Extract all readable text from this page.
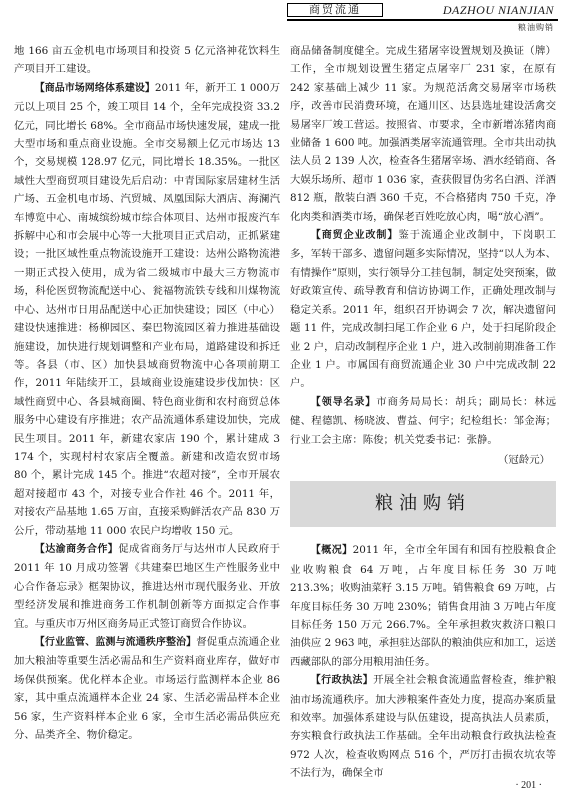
商贸流通	DAZHOU NIANJIAN
粮油购销

地 166 亩五金机电市场项目和投资 5 亿元洛神花饮料生产项目开工建设。

【商品市场网络体系建设】2011 年，新开工 1 000万元以上项目 25 个，竣工项目 14 个，全年完成投资 33.2 亿元，同比增长 68%。全市商品市场快速发展，建成一批大型市场和重点商业设施。全市交易额上亿元市场达 13 个，交易规模 128.97 亿元，同比增长 18.35%。一批区域性大型商贸项目建设先后启动：中青国际家居建材生活广场、五金机电市场、汽贸城、凤凰国际大酒店、海澜汽车博览中心、南城缤纷城市综合体项目、达州市报废汽车拆解中心和市会展中心等一大批项目正式启动，正抓紧建设；一批区域性重点物流设施开工建设：达州公路物流港一期正式投入使用，成为省二级城市中最大三方物流市场，科伦医贸物流配送中心、瓮福物流铁专线和川煤物流中心、达州市日用品配送中心正加快建设；园区（中心）建设快速推进：杨柳园区、秦巴物流园区着力推进基础设施建设，加快进行规划调整和产业布局，道路建设和拆迁等。各县（市、区）加快县域商贸物流中心各项前期工作，2011 年陆续开工，县域商业设施建设步伐加快：区域性商贸中心、各县城商圈、特色商业街和农村商贸总体服务中心建设有序推进；农产品流通体系建设加快，完成民生项目。2011 年，新建农家店 190 个，累计建成 3 174 个，实现村村农家店全覆盖。新建和改造农贸市场 80 个，累计完成 145 个。推进“农超对接”，全市开展农超对接超市 43 个，对接专业合作社 46 个。2011 年，对接农产品基地 1.65 万亩，直接采购鲜活农产品 830 万公斤，带动基地 11 000 农民户均增收 150 元。

【达渝商务合作】促成省商务厅与达州市人民政府于 2011 年 10 月成功签署《共建秦巴地区生产性服务业中心合作备忘录》框架协议，推进达州市现代服务业、开放型经济发展和推进商务工作机制创新等方面拟定合作事宜。与重庆市万州区商务局正式签订商贸合作协议。

【行业监管、监测与流通秩序整治】督促重点流通企业加大粮油等重要生活必需品和生产资料商业库存，做好市场保供预案。优化样本企业。市场运行监测样本企业 86 家，其中重点流通样本企业 24 家、生活必需品样本企业 56 家，生产资料样本企业 6 家，全市生活必需品供应充分、品类齐全、物价稳定。

商品储备制度健全。完成生猪屠宰设置规划及换证（牌）工作，全市规划设置生猪定点屠宰厂 231 家，在原有 242 家基础上减少 11 家。为规范活禽交易屠宰市场秩序，改善市民消费环境，在通川区、达县选址建设活禽交易屠宰厂竣工营运。按照省、市要求，全市新增冻猪肉商业储备 1 600 吨。加强酒类屠宰流通管理。全市共出动执法人员 2 139 人次，检查各生猪屠宰场、酒水经销商、各大娱乐场所、超市 1 036 家，查获假冒伪劣名白酒、洋酒 812 瓶，散装白酒 360 千克，不合格猪肉 750 千克，净化肉类和酒类市场，确保老百姓吃放心肉，喝“放心酒”。

【商贸企业改制】鉴于流通企业改制中，下岗职工多，军转干部多、遗留问题多实际情况，坚持“以人为本、有情操作”原则，实行领导分工挂包制，制定处突预案，做好政策宣传、疏导教育和信访协调工作，正确处理改制与稳定关系。2011 年，组织召开协调会 7 次，解决遗留问题 11 件，完成改制扫尾工作企业 6 户，处于扫尾阶段企业 2 户，启动改制程序企业 1 户，进入改制前期准备工作企业 1 户。市属国有商贸流通企业 30 户中完成改制 22 户。

【领导名录】市商务局局长：胡兵；副局长：林远健、程德凯、杨晓波、曹益、何宇；纪检组长：邹金海；行业工会主席：陈俊；机关党委书记：张静。

（冠龄元）
粮油购销

【概况】2011 年，全市全年国有和国有控股粮食企业收购粮食 64 万吨，占年度目标任务 30 万吨 213.3%；收购油菜籽 3.15 万吨。销售粮食 69 万吨，占年度目标任务 30 万吨 230%；销售食用油 3 万吨占年度目标任务 150 万元 266.7%。全年承担救灾救济口粮口油供应 2 963 吨，承担驻达部队的粮油供应和加工，运送西藏部队的部分用粮用油任务。

【行政执法】开展全社会粮食流通监督检查，维护粮油市场流通秩序。加大涉粮案件查处力度，提高办案质量和效率。加强体系建设与队伍建设，提高执法人员素质，夯实粮食行政执法工作基础。全年出动粮食行政执法检查 972 人次，检查收购网点 516 个，严厉打击损农坑农等不法行为，确保全市

· 201 ·
